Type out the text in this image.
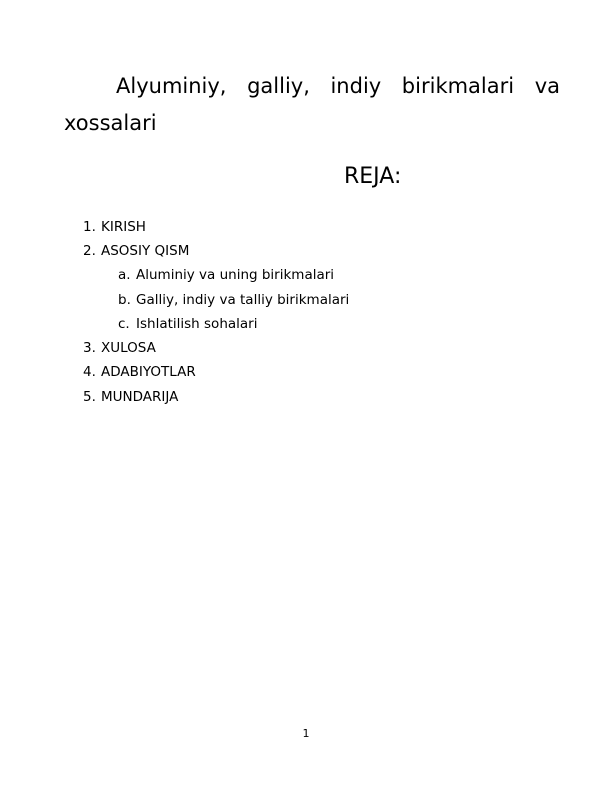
Alyuminiy, galliy, indiy birikmalari va xossalari
REJA:
1. KIRISH
2. ASOSIY QISM
a. Aluminiy va uning birikmalari
b. Galliy, indiy va talliy birikmalari
c. Ishlatilish sohalari
3. XULOSA
4. ADABIYOTLAR
5. MUNDARIJA
1
